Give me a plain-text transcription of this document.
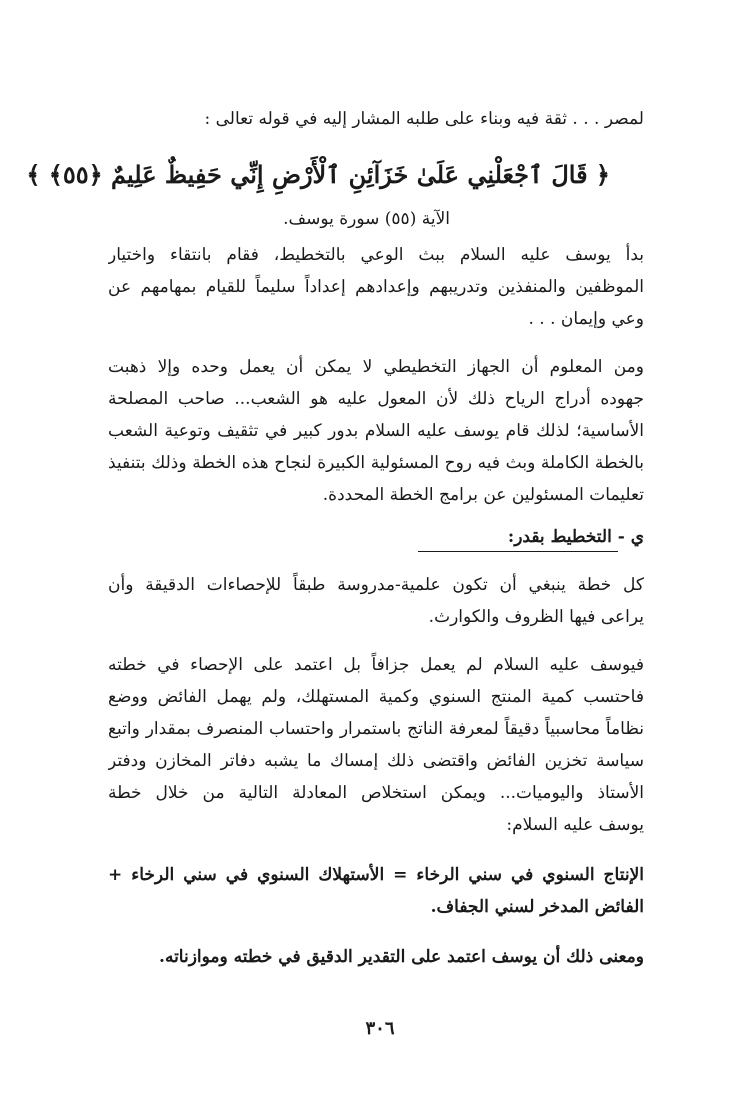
لمصر . . . ثقة فيه وبناء على طلبه المشار إليه في قوله تعالى :
﴿ قَالَ ٱجْعَلْنِي عَلَىٰ خَزَآئِنِ ٱلْأَرْضِ إِنِّي حَفِيظٌ عَلِيمٌ ﴿٥٥﴾ ﴾
الآية (٥٥) سورة يوسف.
بدأ يوسف عليه السلام ببث الوعي بالتخطيط، فقام بانتقاء واختيار
الموظفين والمنفذين وتدريبهم وإعدادهم إعداداً سليماً للقيام بمهامهم عن
وعي وإيمان . . .
ومن المعلوم أن الجهاز التخطيطي لا يمكن أن يعمل وحده وإلا ذهبت
جهوده أدراج الرياح ذلك لأن المعول عليه هو الشعب... صاحب المصلحة
الأساسية؛ لذلك قام يوسف عليه السلام بدور كبير في تثقيف وتوعية الشعب
بالخطة الكاملة وبث فيه روح المسئولية الكبيرة لنجاح هذه الخطة وذلك بتنفيذ
تعليمات المسئولين عن برامج الخطة المحددة.
ي - التخطيط بقدر:
كل خطة ينبغي أن تكون علمية-مدروسة طبقاً للإحصاءات الدقيقة وأن
يراعى فيها الظروف والكوارث.
فيوسف عليه السلام لم يعمل جزافاً بل اعتمد على الإحصاء في خطته
فاحتسب كمية المنتج السنوي وكمية المستهلك، ولم يهمل الفائض ووضع
نظاماً محاسبياً دقيقاً لمعرفة الناتج باستمرار واحتساب المنصرف بمقدار واتبع
سياسة تخزين الفائض واقتضى ذلك إمساك ما يشبه دفاتر المخازن ودفتر
الأستاذ واليوميات... ويمكن استخلاص المعادلة التالية من خلال خطة
يوسف عليه السلام:
الإنتاج السنوي في سني الرخاء = الأستهلاك السنوي في سني الرخاء +
الفائض المدخر لسني الجفاف.
ومعنى ذلك أن يوسف اعتمد على التقدير الدقيق في خطته وموازناته.
٣٠٦
